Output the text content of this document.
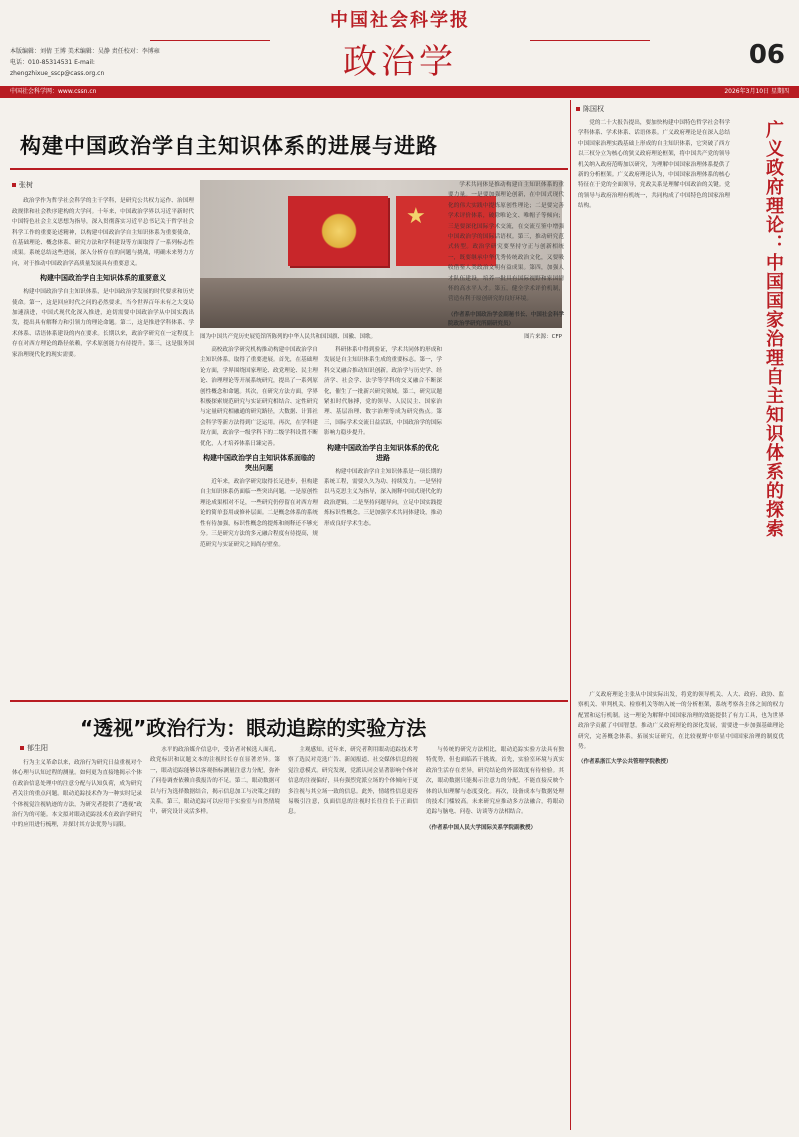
本版编辑：刘倩 王博 美术编辑：吴静 责任校对：李博雍
电话：010-85314531 E-mail: zhengzhixue_sscp@cass.org.cn
中国社会科学报
政治学	06
中国社会科学网：www.cssn.cn	2026年3月10日 星期四
构建中国政治学自主知识体系的进展与进路
张树

政治学作为哲学社会科学的主干学科，是研究公共权力运作、治国理政规律和社会秩序建构的大学问。十年来，中国政治学界以习近平新时代中国特色社会主义思想为指导，深入贯彻落实习近平总书记关于哲学社会科学工作的重要论述精神，以构建中国政治学自主知识体系为重要使命，在基础理论、概念体系、研究方法和学科建设等方面取得了一系列标志性成果。系统总结这些进展，深入分析存在的问题与挑战，明确未来努力方向，对于推动中国政治学高质量发展具有重要意义。

构建中国政治学自主知识体系的重要意义

构建中国政治学自主知识体系，是中国政治学发展的时代要求和历史使命。第一，这是回应时代之问的必然要求。当今世界百年未有之大变局加速演进，中国式现代化深入推进，迫切需要中国政治学从中国实践出发，提出具有解释力和引领力的理论命题。第二，这是推进学科体系、学术体系、话语体系建设的内在要求。长期以来，政治学研究在一定程度上存在对西方理论的路径依赖，学术原创能力有待提升。第三，这是服务国家治理现代化的现实需要。

★
图为中国共产党历史展览馆所陈列的中华人民共和国国旗、国徽、国歌。	图片来源：CFP

高校政治学研究机构推动构建中国政治学自主知识体系，取得了重要进展。首先，在基础理论方面，学界围绕国家理论、政党理论、民主理论、治理理论等开展系统研究，提出了一系列原创性概念和命题。其次，在研究方法方面，学界积极探索规范研究与实证研究相结合、定性研究与定量研究相融通的研究路径，大数据、计算社会科学等新方法得到广泛运用。再次，在学科建设方面，政治学一级学科下的二级学科设置不断优化，人才培养体系日臻完善。

构建中国政治学自主知识体系面临的突出问题

近年来，政治学研究取得长足进步，但构建自主知识体系仍面临一些突出问题。一是原创性理论成果相对不足，一些研究仍停留在对西方理论的简单套用或修补层面。二是概念体系的系统性有待加强，标识性概念的提炼和阐释还不够充分。三是研究方法的多元融合程度有待提高，规范研究与实证研究之间尚存壁垒。

科研体系中得到验证，学术共同体的形成和发展是自主知识体系生成的重要标志。第一，学科交叉融合推动知识创新。政治学与历史学、经济学、社会学、法学等学科的交叉融合不断深化，催生了一批新兴研究领域。第二，研究议题紧扣时代脉搏，党的领导、人民民主、国家治理、基层治理、数字治理等成为研究热点。第三，国际学术交流日益活跃，中国政治学的国际影响力稳步提升。

构建中国政治学自主知识体系的优化进路

构建中国政治学自主知识体系是一项长期的系统工程，需要久久为功、持续发力。一是坚持以马克思主义为指导，深入阐释中国式现代化的政治逻辑。二是坚持问题导向，立足中国实践提炼标识性概念。三是加强学术共同体建设，推动形成良好学术生态。

学术共同体是推动构建自主知识体系的重要力量。一是要加强理论创新，在中国式现代化的伟大实践中提炼原创性理论；二是要完善学术评价体系，破除唯论文、唯帽子等倾向；三是要深化国际学术交流，在交流互鉴中增强中国政治学的国际话语权。第三，推动研究范式转型。政治学研究要坚持守正与创新相统一，既要继承中华优秀传统政治文化，又要吸收借鉴人类政治文明有益成果。第四，加强人才队伍建设，培养一批具有国际视野和家国情怀的高水平人才。第五，健全学术评价机制，营造有利于原创研究的良好环境。

（作者系中国政治学会副秘书长、中国社会科学院政治学研究所副研究员）
陈国权
广义政府理论：中国国家治理自主知识体系的探索

党的二十大报告提出，要加快构建中国特色哲学社会科学学科体系、学术体系、话语体系。广义政府理论是在深入总结中国国家治理实践基础上形成的自主知识体系，它突破了西方以三权分立为核心的狭义政府理论框架，将中国共产党的领导机关纳入政府范畴加以研究，为理解中国国家治理体系提供了新的分析框架。广义政府理论认为，中国国家治理体系的核心特征在于党的全面领导，党政关系是理解中国政治的关键。党的领导与政府治理有机统一，共同构成了中国特色的国家治理结构。

广义政府理论主张从中国实际出发，将党的领导机关、人大、政府、政协、监察机关、审判机关、检察机关等纳入统一的分析框架，系统考察各主体之间的权力配置和运行机制。这一理论为解释中国国家治理的效能提供了有力工具，也为世界政治学贡献了中国智慧。推动广义政府理论的深化发展，需要进一步加强基础理论研究，完善概念体系，拓展实证研究，在比较视野中彰显中国国家治理的制度优势。

（作者系浙江大学公共管理学院教授）
“透视”政治行为：眼动追踪的实验方法
郁生阳

行为主义革命以来，政治行为研究日益重视对个体心理与认知过程的测量。如何更为直接地揭示个体在政治信息处理中的注意分配与认知负荷，成为研究者关注的重点问题。眼动追踪技术作为一种实时记录个体视觉注视轨迹的方法，为研究者提供了“透视”政治行为的可能。本文拟对眼动追踪技术在政治学研究中的应用进行梳理，并探讨其方法优势与局限。

水平的政治媒介信息中，受访者对候选人面孔、政党标识和议题文本的注视时长存在显著差异。第一，眼动追踪能够以客观指标测量注意力分配，弥补了问卷调查依赖自我报告的不足。第二，眼动数据可以与行为选择数据结合，揭示信息加工与决策之间的关系。第三，眼动追踪可以应用于实验室与自然情境中，研究设计灵活多样。

主观感知。近年来，研究者利用眼动追踪技术考察了选民对竞选广告、新闻报道、社交媒体信息的视觉注意模式。研究发现，党派认同会显著影响个体对信息的注视偏好，具有强烈党派立场的个体倾向于更多注视与其立场一致的信息。此外，情绪性信息更容易吸引注意，负面信息的注视时长往往长于正面信息。

与传统的研究方法相比，眼动追踪实验方法具有独特优势，但也面临若干挑战。首先，实验室环境与真实政治生活存在差异，研究结论的外部效度有待检验。其次，眼动数据只能揭示注意力的分配，不能直接反映个体的认知理解与态度变化。再次，设备成本与数据处理的技术门槛较高。未来研究应推动多方法融合，将眼动追踪与脑电、问卷、访谈等方法相结合。

（作者系中国人民大学国际关系学院副教授）
